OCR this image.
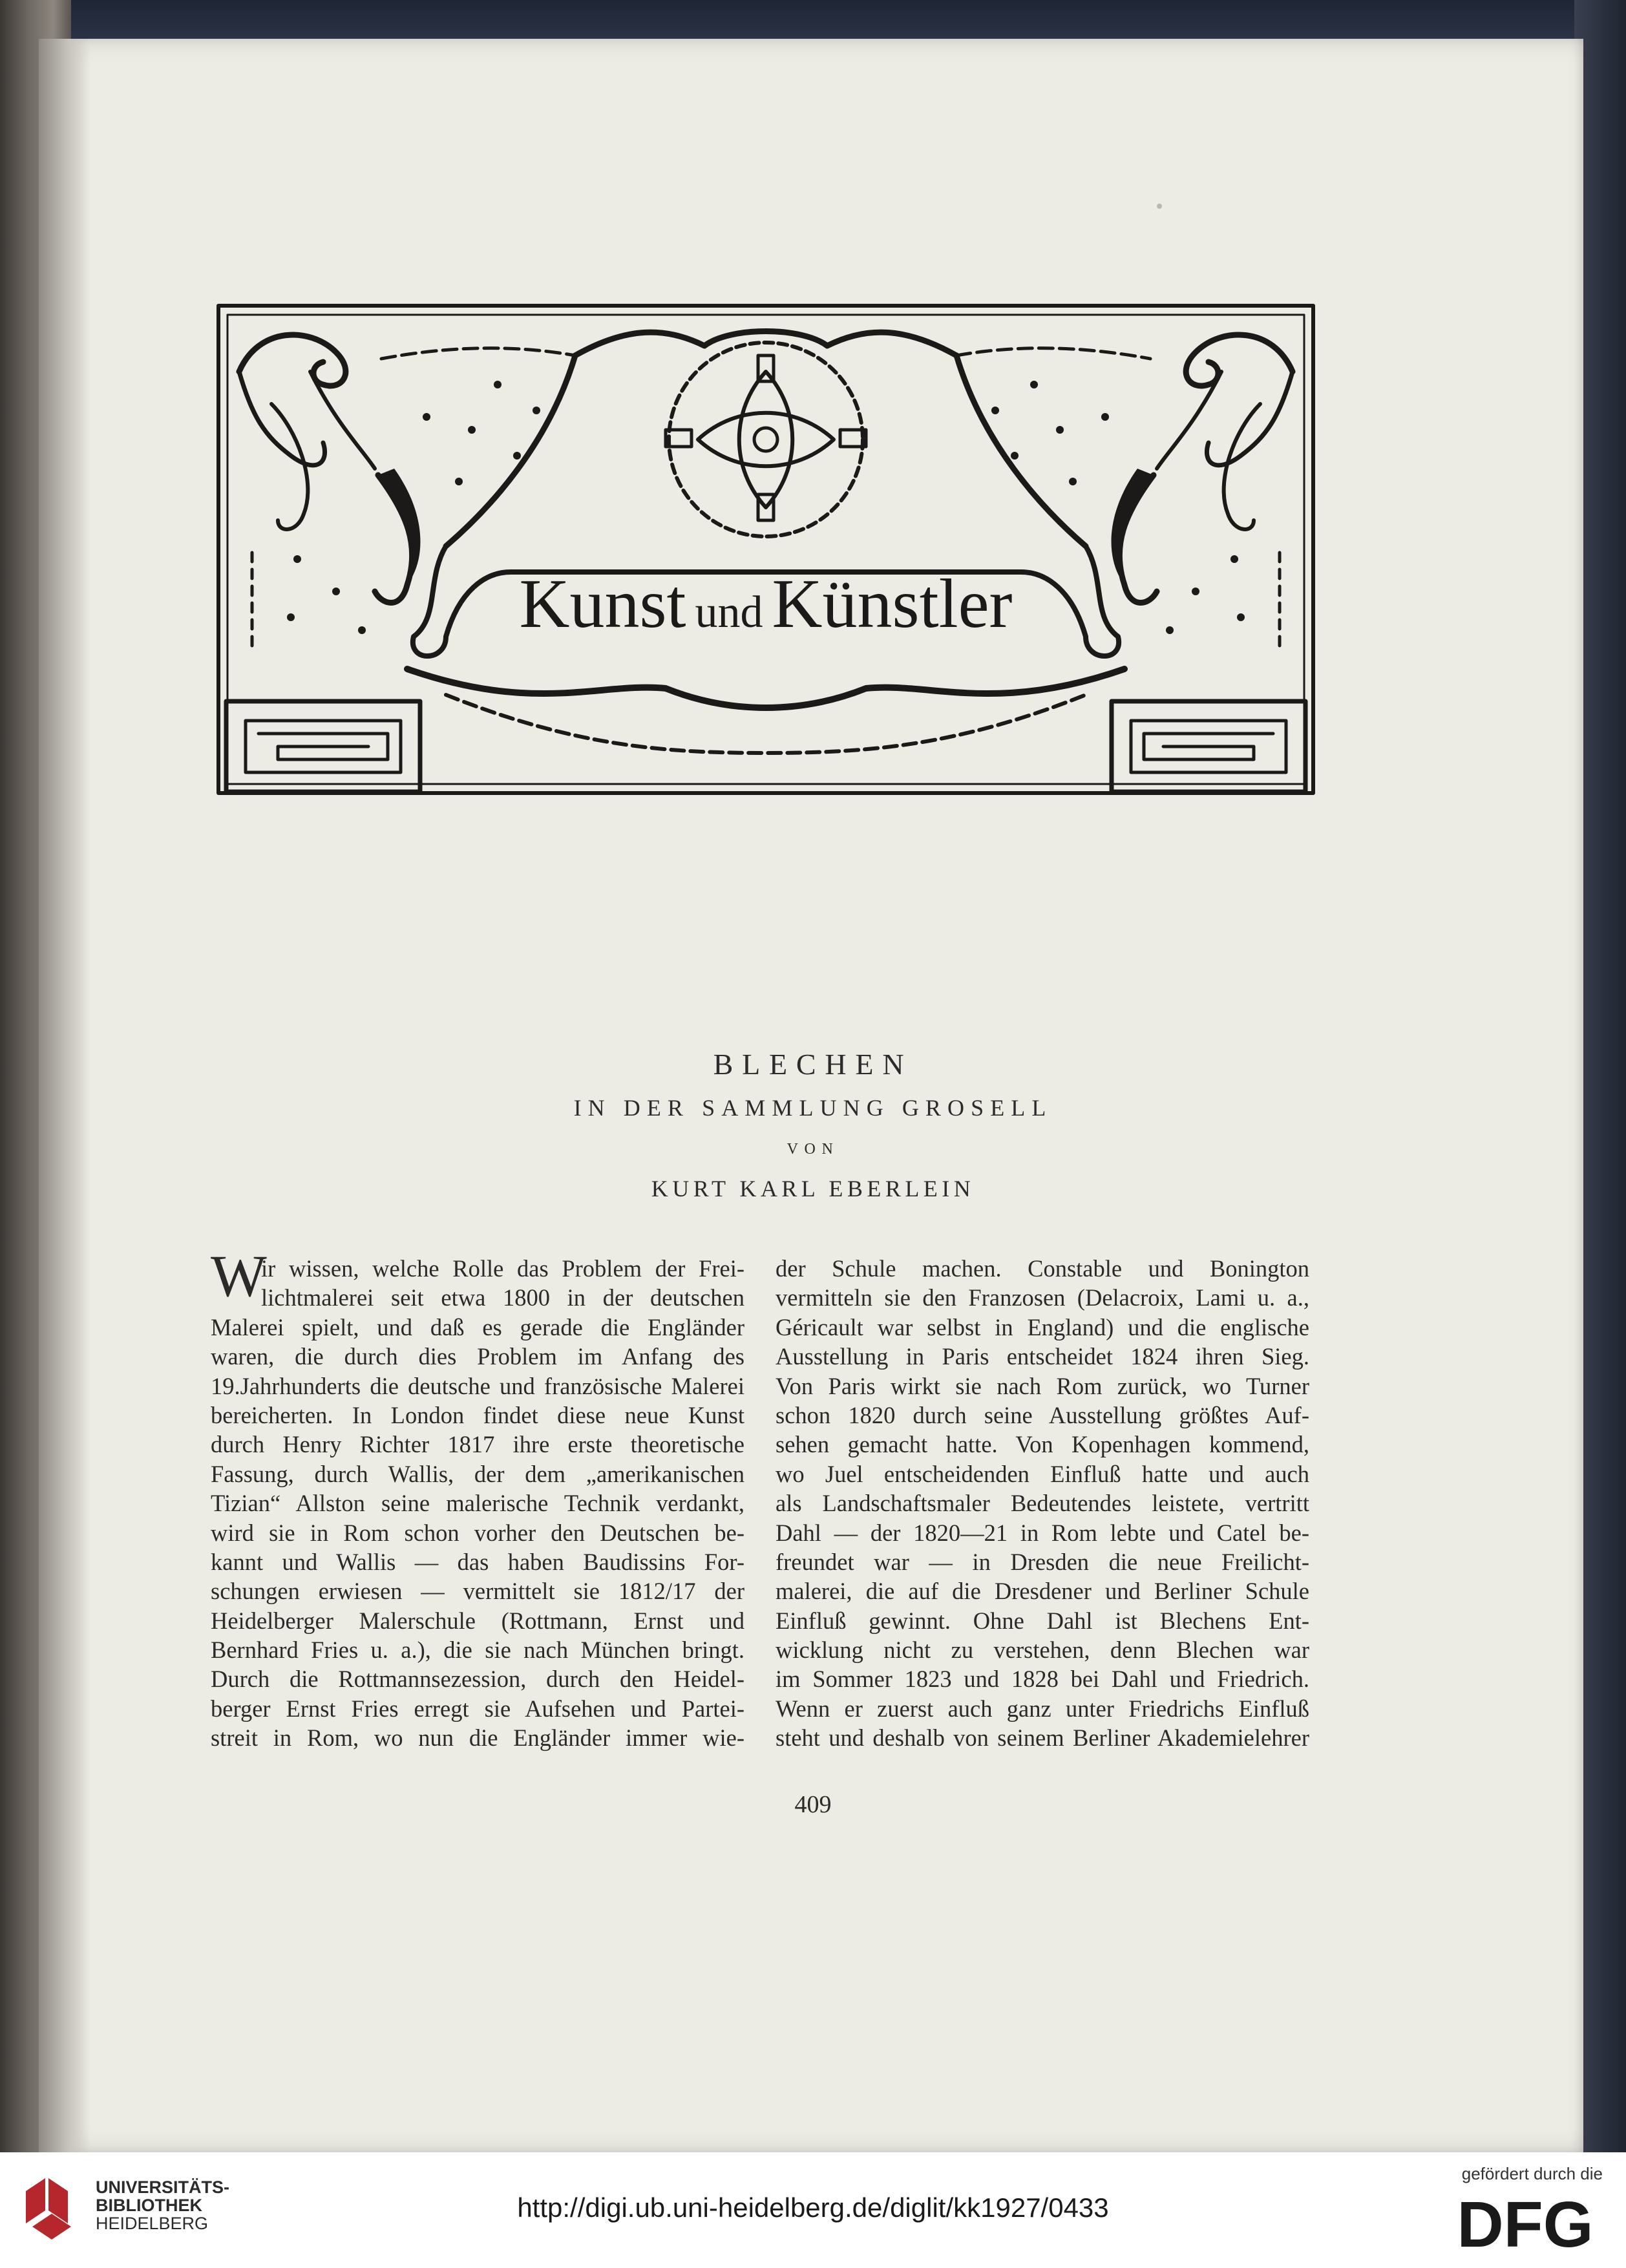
Kunst und Künstler
BLECHEN
IN DER SAMMLUNG GROSELL
VON
KURT KARL EBERLEIN
W
ir wissen, welche Rolle das Problem der Frei-
lichtmalerei seit etwa 1800 in der deutschen
Malerei spielt, und daß es gerade die Engländer
waren, die durch dies Problem im Anfang des
19.Jahrhunderts die deutsche und französische Malerei
bereicherten. In London findet diese neue Kunst
durch Henry Richter 1817 ihre erste theoretische
Fassung, durch Wallis, der dem „amerikanischen
Tizian“ Allston seine malerische Technik verdankt,
wird sie in Rom schon vorher den Deutschen be-
kannt und Wallis — das haben Baudissins For-
schungen erwiesen — vermittelt sie 1812/17 der
Heidelberger Malerschule (Rottmann, Ernst und
Bernhard Fries u. a.), die sie nach München bringt.
Durch die Rottmannsezession, durch den Heidel-
berger Ernst Fries erregt sie Aufsehen und Partei-
streit in Rom, wo nun die Engländer immer wie-
der Schule machen. Constable und Bonington
vermitteln sie den Franzosen (Delacroix, Lami u. a.,
Géricault war selbst in England) und die englische
Ausstellung in Paris entscheidet 1824 ihren Sieg.
Von Paris wirkt sie nach Rom zurück, wo Turner
schon 1820 durch seine Ausstellung größtes Auf-
sehen gemacht hatte. Von Kopenhagen kommend,
wo Juel entscheidenden Einfluß hatte und auch
als Landschaftsmaler Bedeutendes leistete, vertritt
Dahl — der 1820—21 in Rom lebte und Catel be-
freundet war — in Dresden die neue Freilicht-
malerei, die auf die Dresdener und Berliner Schule
Einfluß gewinnt. Ohne Dahl ist Blechens Ent-
wicklung nicht zu verstehen, denn Blechen war
im Sommer 1823 und 1828 bei Dahl und Friedrich.
Wenn er zuerst auch ganz unter Friedrichs Einfluß
steht und deshalb von seinem Berliner Akademielehrer
409
UNIVERSITÄTS-
BIBLIOTHEK
HEIDELBERG
http://digi.ub.uni-heidelberg.de/diglit/kk1927/0433
gefördert durch die
DFG
